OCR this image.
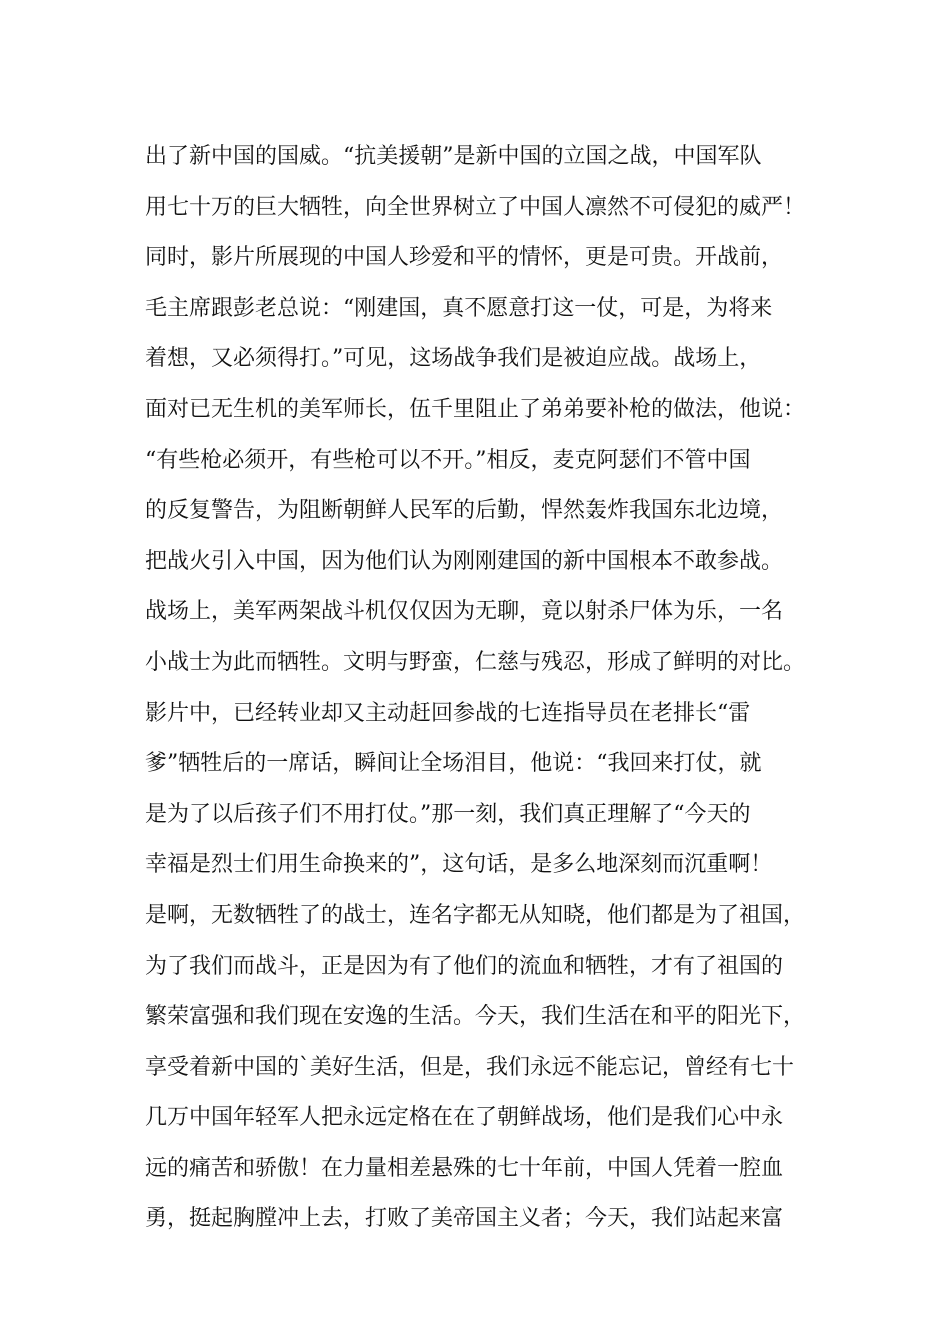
出了新中国的国威。“抗美援朝”是新中国的立国之战，中国军队
用七十万的巨大牺牲，向全世界树立了中国人凛然不可侵犯的威严！
同时，影片所展现的中国人珍爱和平的情怀，更是可贵。开战前，
毛主席跟彭老总说：“刚建国，真不愿意打这一仗，可是，为将来
着想，又必须得打。”可见，这场战争我们是被迫应战。战场上，
面对已无生机的美军师长，伍千里阻止了弟弟要补枪的做法，他说：
“有些枪必须开，有些枪可以不开。”相反，麦克阿瑟们不管中国
的反复警告，为阻断朝鲜人民军的后勤，悍然轰炸我国东北边境，
把战火引入中国，因为他们认为刚刚建国的新中国根本不敢参战。
战场上，美军两架战斗机仅仅因为无聊，竟以射杀尸体为乐，一名
小战士为此而牺牲。文明与野蛮，仁慈与残忍，形成了鲜明的对比。
影片中，已经转业却又主动赶回参战的七连指导员在老排长“雷
爹”牺牲后的一席话，瞬间让全场泪目，他说：“我回来打仗，就
是为了以后孩子们不用打仗。”那一刻，我们真正理解了“今天的
幸福是烈士们用生命换来的”，这句话，是多么地深刻而沉重啊！
是啊，无数牺牲了的战士，连名字都无从知晓，他们都是为了祖国，
为了我们而战斗，正是因为有了他们的流血和牺牲，才有了祖国的
繁荣富强和我们现在安逸的生活。今天，我们生活在和平的阳光下，
享受着新中国的`美好生活，但是，我们永远不能忘记，曾经有七十
几万中国年轻军人把永远定格在在了朝鲜战场，他们是我们心中永
远的痛苦和骄傲！在力量相差悬殊的七十年前，中国人凭着一腔血
勇，挺起胸膛冲上去，打败了美帝国主义者；今天，我们站起来富
